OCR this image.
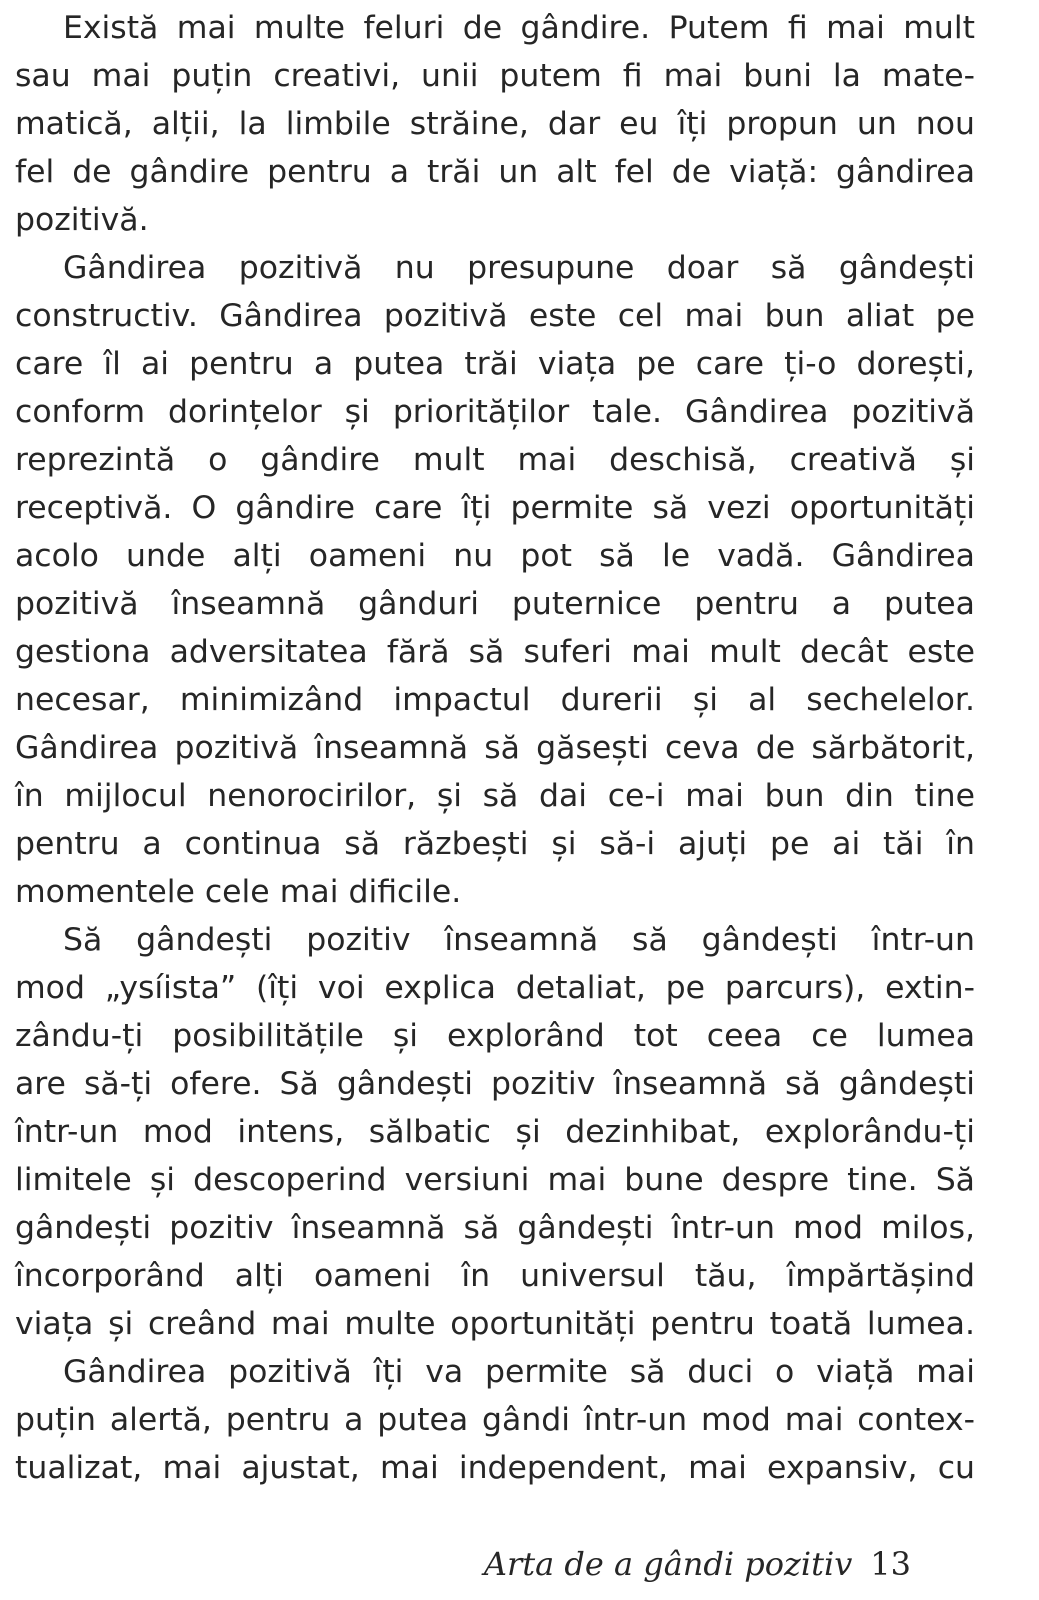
Există mai multe feluri de gândire. Putem fi mai mult
sau mai puțin creativi, unii putem fi mai buni la mate-
matică, alții, la limbile străine, dar eu îți propun un nou
fel de gândire pentru a trăi un alt fel de viață: gândirea
pozitivă.
Gândirea pozitivă nu presupune doar să gândești
constructiv. Gândirea pozitivă este cel mai bun aliat pe
care îl ai pentru a putea trăi viața pe care ți-o dorești,
conform dorințelor și priorităților tale. Gândirea pozitivă
reprezintă o gândire mult mai deschisă, creativă și
receptivă. O gândire care îți permite să vezi oportunități
acolo unde alți oameni nu pot să le vadă. Gândirea
pozitivă înseamnă gânduri puternice pentru a putea
gestiona adversitatea fără să suferi mai mult decât este
necesar, minimizând impactul durerii și al sechelelor.
Gândirea pozitivă înseamnă să găsești ceva de sărbătorit,
în mijlocul nenorocirilor, și să dai ce-i mai bun din tine
pentru a continua să răzbești și să-i ajuți pe ai tăi în
momentele cele mai dificile.
Să gândești pozitiv înseamnă să gândești într-un
mod „ysíista” (îți voi explica detaliat, pe parcurs), extin-
zându-ți posibilitățile și explorând tot ceea ce lumea
are să-ți ofere. Să gândești pozitiv înseamnă să gândești
într-un mod intens, sălbatic și dezinhibat, explorându-ți
limitele și descoperind versiuni mai bune despre tine. Să
gândești pozitiv înseamnă să gândești într-un mod milos,
încorporând alți oameni în universul tău, împărtășind
viața și creând mai multe oportunități pentru toată lumea.
Gândirea pozitivă îți va permite să duci o viață mai
puțin alertă, pentru a putea gândi într-un mod mai contex-
tualizat, mai ajustat, mai independent, mai expansiv, cu
Arta de a gândi pozitiv 13
